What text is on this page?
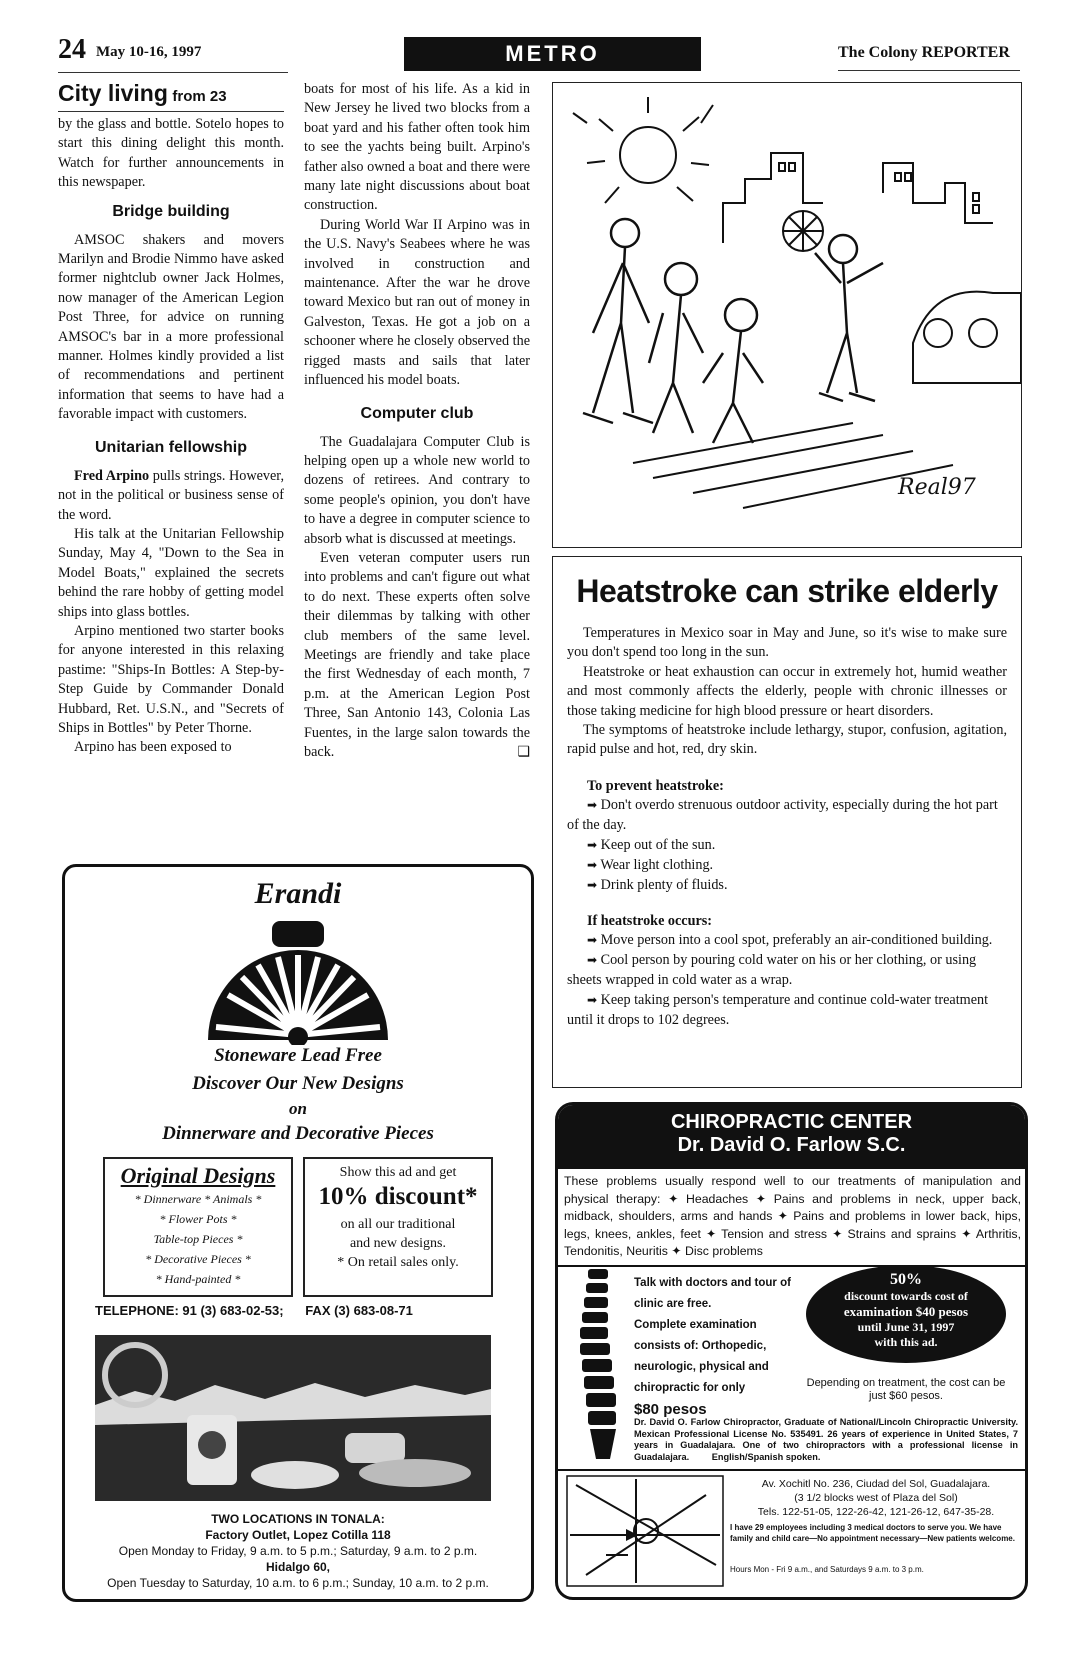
24 May 10-16, 1997	METRO	The Colony REPORTER
City living from 23

by the glass and bottle. Sotelo hopes to start this dining delight this month. Watch for further announcements in this newspaper.

Bridge building

AMSOC shakers and movers Marilyn and Brodie Nimmo have asked former nightclub owner Jack Holmes, now manager of the American Legion Post Three, for advice on running AMSOC's bar in a more professional manner. Holmes kindly provided a list of recommendations and pertinent information that seems to have had a favorable impact with customers.

Unitarian fellowship

Fred Arpino pulls strings. However, not in the political or business sense of the word.

His talk at the Unitarian Fellowship Sunday, May 4, "Down to the Sea in Model Boats," explained the secrets behind the rare hobby of getting model ships into glass bottles.

Arpino mentioned two starter books for anyone interested in this relaxing pastime: "Ships-In Bottles: A Step-by-Step Guide by Commander Donald Hubbard, Ret. U.S.N., and "Secrets of Ships in Bottles" by Peter Thorne.

Arpino has been exposed to

boats for most of his life. As a kid in New Jersey he lived two blocks from a boat yard and his father often took him to see the yachts being built. Arpino's father also owned a boat and there were many late night discussions about boat construction.

During World War II Arpino was in the U.S. Navy's Seabees where he was involved in construction and maintenance. After the war he drove toward Mexico but ran out of money in Galveston, Texas. He got a job on a schooner where he closely observed the rigged masts and sails that later influenced his model boats.

Computer club

The Guadalajara Computer Club is helping open up a whole new world to dozens of retirees. And contrary to some people's opinion, you don't have to have a degree in computer science to absorb what is discussed at meetings.

Even veteran computer users run into problems and can't figure out what to do next. These experts often solve their dilemmas by talking with other club members of the same level. Meetings are friendly and take place the first Wednesday of each month, 7 p.m. at the American Legion Post Three, San Antonio 143, Colonia Las Fuentes, in the large salon towards the back.	❑
Real97
Heatstroke can strike elderly

Temperatures in Mexico soar in May and June, so it's wise to make sure you don't spend too long in the sun.

Heatstroke or heat exhaustion can occur in extremely hot, humid weather and most commonly affects the elderly, people with chronic illnesses or those taking medicine for high blood pressure or heart disorders.

The symptoms of heatstroke include lethargy, stupor, confusion, agitation, rapid pulse and hot, red, dry skin.

To prevent heatstroke:
➡ Don't overdo strenuous outdoor activity, especially during the hot part of the day.
➡ Keep out of the sun.
➡ Wear light clothing.
➡ Drink plenty of fluids.
If heatstroke occurs:
➡ Move person into a cool spot, preferably an air-conditioned building.
➡ Cool person by pouring cold water on his or her clothing, or using sheets wrapped in cold water as a wrap.
➡ Keep taking person's temperature and continue cold-water treatment until it drops to 102 degrees.
Erandi
Stoneware Lead Free
Discover Our New Designs
on
Dinnerware and Decorative Pieces
Original Designs
* Dinnerware * Animals *
* Flower Pots *
Table-top Pieces *
* Decorative Pieces *
* Hand-painted *
Show this ad and get
10% discount*
on all our traditional
and new designs.
* On retail sales only.
TELEPHONE: 91 (3) 683-02-53; FAX (3) 683-08-71
TWO LOCATIONS IN TONALA:
Factory Outlet, Lopez Cotilla 118
Open Monday to Friday, 9 a.m. to 5 p.m.; Saturday, 9 a.m. to 2 p.m.
Hidalgo 60,
Open Tuesday to Saturday, 10 a.m. to 6 p.m.; Sunday, 10 a.m. to 2 p.m.
CHIROPRACTIC CENTER
Dr. David O. Farlow S.C.
These problems usually respond well to our treatments of manipulation and physical therapy: ✦ Headaches ✦ Pains and problems in neck, upper back, midback, shoulders, arms and hands ✦ Pains and problems in lower back, hips, legs, knees, ankles, feet ✦ Tension and stress ✦ Strains and sprains ✦ Arthritis, Tendonitis, Neuritis ✦ Disc problems
Talk with doctors and tour of clinic are free.
Complete examination consists of: Orthopedic, neurologic, physical and chiropractic for only
$80 pesos
50%
discount towards cost of
examination $40 pesos
until June 31, 1997
with this ad.
Depending on treatment, the cost can be just $60 pesos.
Dr. David O. Farlow Chiropractor, Graduate of National/Lincoln Chiropractic University. Mexican Professional License No. 535491. 26 years of experience in United States, 7 years in Guadalajara. One of two chiropractors with a professional license in Guadalajara. English/Spanish spoken.
Av. Xochitl No. 236, Ciudad del Sol, Guadalajara.
(3 1/2 blocks west of Plaza del Sol)
Tels. 122-51-05, 122-26-42, 121-26-12, 647-35-28.
I have 29 employees including 3 medical doctors to serve you. We have family and child care—No appointment necessary—New patients welcome.
Hours Mon - Fri 9 a.m., and Saturdays 9 a.m. to 3 p.m.
